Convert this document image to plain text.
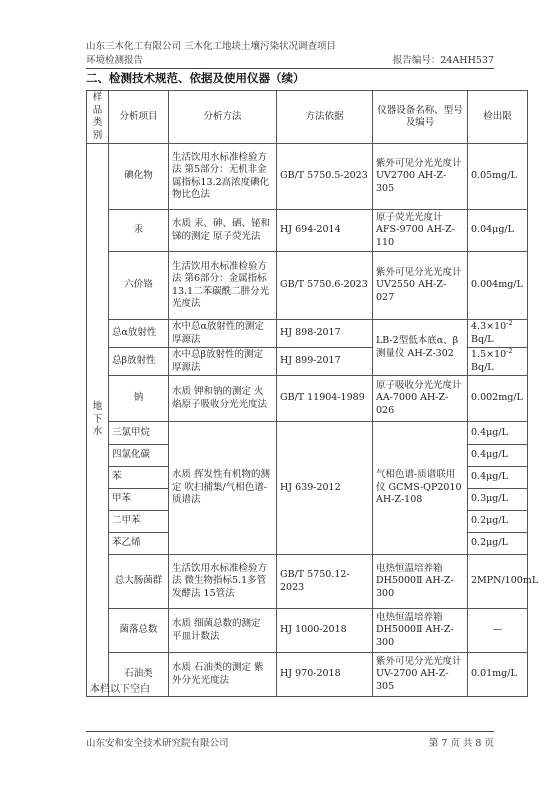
山东三木化工有限公司 三木化工地块土壤污染状况调查项目
环境检测报告	报告编号：24AHH537
二、检测技术规范、依据及使用仪器（续）
样品类别	分析项目	分析方法	方法依据	仪器设备名称、型号及编号	检出限
地下水	碘化物	生活饮用水标准检验方法 第5部分：无机非金属指标13.2高浓度碘化物比色法	GB/T 5750.5-2023	紫外可见分光光度计 UV2700 AH-Z-305	0.05mg/L
	汞	水质 汞、砷、硒、铋和锑的测定 原子荧光法	HJ 694-2014	原子荧光光度计 AFS-9700 AH-Z-110	0.04μg/L
	六价铬	生活饮用水标准检验方法 第6部分：金属指标13.1二苯碳酰二肼分光光度法	GB/T 5750.6-2023	紫外可见分光光度计 UV2550 AH-Z-027	0.004mg/L
	总α放射性	水中总α放射性的测定 厚源法	HJ 898-2017	LB-2型低本底α、β测量仪 AH-Z-302	$4.3\times 10^{-2}$
Bq/L
	总β放射性	水中总β放射性的测定 厚源法	HJ 899-2017		$1.5\times 10^{-2}$
Bq/L
	钠	水质 钾和钠的测定 火焰原子吸收分光光度法	GB/T 11904-1989	原子吸收分光光度计 AA-7000 AH-Z-026	0.002mg/L
	三氯甲烷	水质 挥发性有机物的测定 吹扫捕集/气相色谱-质谱法	HJ 639-2012	气相色谱-质谱联用仪 GCMS-QP2010 AH-Z-108	0.4μg/L
	四氯化碳				0.4μg/L
	苯				0.4μg/L
	甲苯				0.3μg/L
	二甲苯				0.2μg/L
	苯乙烯				0.2μg/L
	总大肠菌群	生活饮用水标准检验方法 微生物指标5.1多管发酵法 15管法	GB/T 5750.12-2023	电热恒温培养箱 DH5000Ⅱ AH-Z-300	2MPN/100mL
	菌落总数	水质 细菌总数的测定 平皿计数法	HJ 1000-2018	电热恒温培养箱 DH5000Ⅱ AH-Z-300	—
	石油类	水质 石油类的测定 紫外分光光度法	HJ 970-2018	紫外可见分光光度计 UV-2700 AH-Z-305	0.01mg/L
本栏以下空白
山东安和安全技术研究院有限公司	第 7 页 共 8 页
